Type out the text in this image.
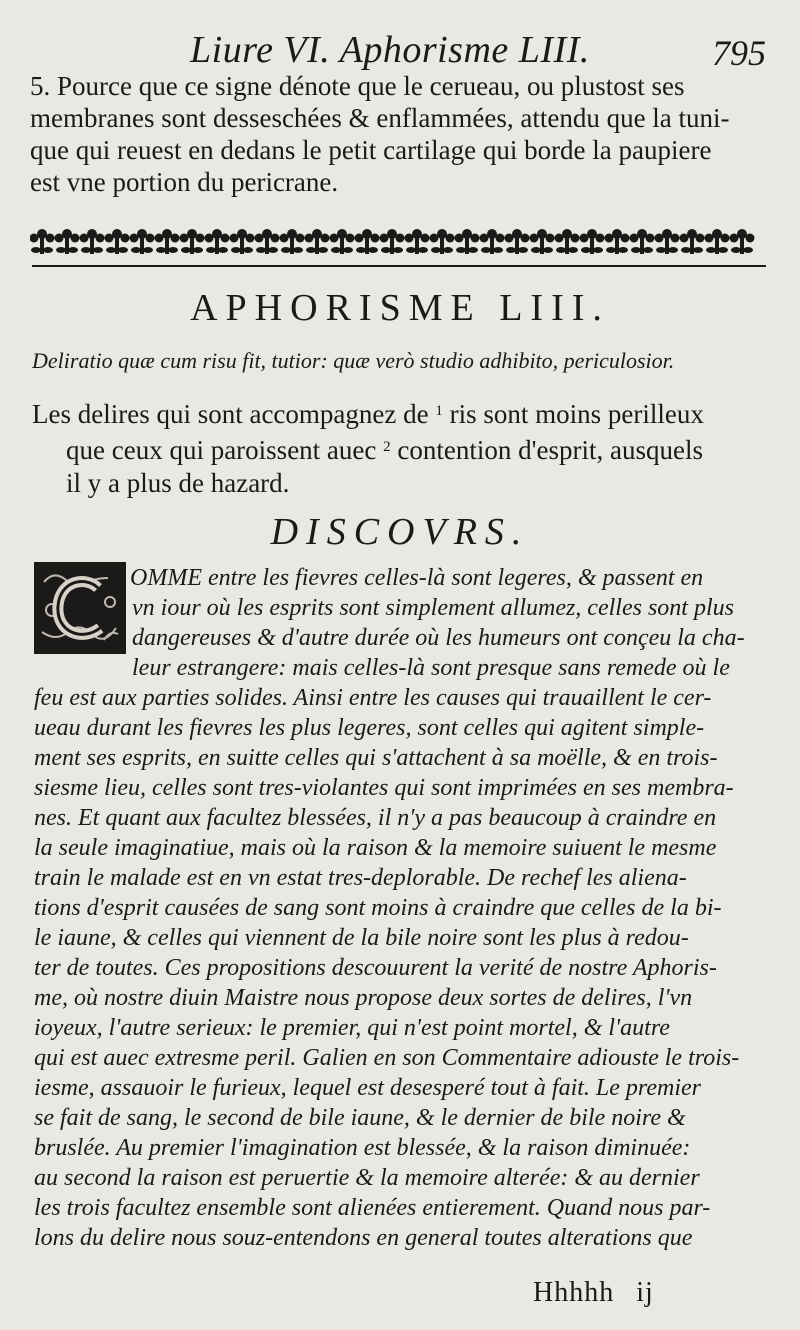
Liure VI. Aphorisme LIII.	795
5. Pource que ce signe dénote que le cerueau, ou plustost ses
membranes sont desseschées & enflammées, attendu que la tuni-
que qui reuest en dedans le petit cartilage qui borde la paupiere
est vne portion du pericrane.
APHORISME LIII.
Deliratio quæ cum risu fit, tutior: quæ verò studio adhibito, periculosior.
Les delires qui sont accompagnez de $^1$ ris sont moins perilleux
que ceux qui paroissent auec $^2$ contention d'esprit, ausquels
il y a plus de hazard.
DISCOVRS.
OMME entre les fievres celles-là sont legeres, & passent en
vn iour où les esprits sont simplement allumez, celles sont plus
dangereuses & d'autre durée où les humeurs ont conçeu la cha-
leur estrangere: mais celles-là sont presque sans remede où le
feu est aux parties solides. Ainsi entre les causes qui trauaillent le cer-
ueau durant les fievres les plus legeres, sont celles qui agitent simple-
ment ses esprits, en suitte celles qui s'attachent à sa moëlle, & en trois-
siesme lieu, celles sont tres-violantes qui sont imprimées en ses membra-
nes. Et quant aux facultez blessées, il n'y a pas beaucoup à craindre en
la seule imaginatiue, mais où la raison & la memoire suiuent le mesme
train le malade est en vn estat tres-deplorable. De rechef les aliena-
tions d'esprit causées de sang sont moins à craindre que celles de la bi-
le iaune, & celles qui viennent de la bile noire sont les plus à redou-
ter de toutes. Ces propositions descouurent la verité de nostre Aphoris-
me, où nostre diuin Maistre nous propose deux sortes de delires, l'vn
ioyeux, l'autre serieux: le premier, qui n'est point mortel, & l'autre
qui est auec extresme peril. Galien en son Commentaire adiouste le trois-
iesme, assauoir le furieux, lequel est desesperé tout à fait. Le premier
se fait de sang, le second de bile iaune, & le dernier de bile noire &
bruslée. Au premier l'imagination est blessée, & la raison diminuée:
au second la raison est peruertie & la memoire alterée: & au dernier
les trois facultez ensemble sont alienées entierement. Quand nous par-
lons du delire nous souz-entendons en general toutes alterations que
Hhhhh ij
